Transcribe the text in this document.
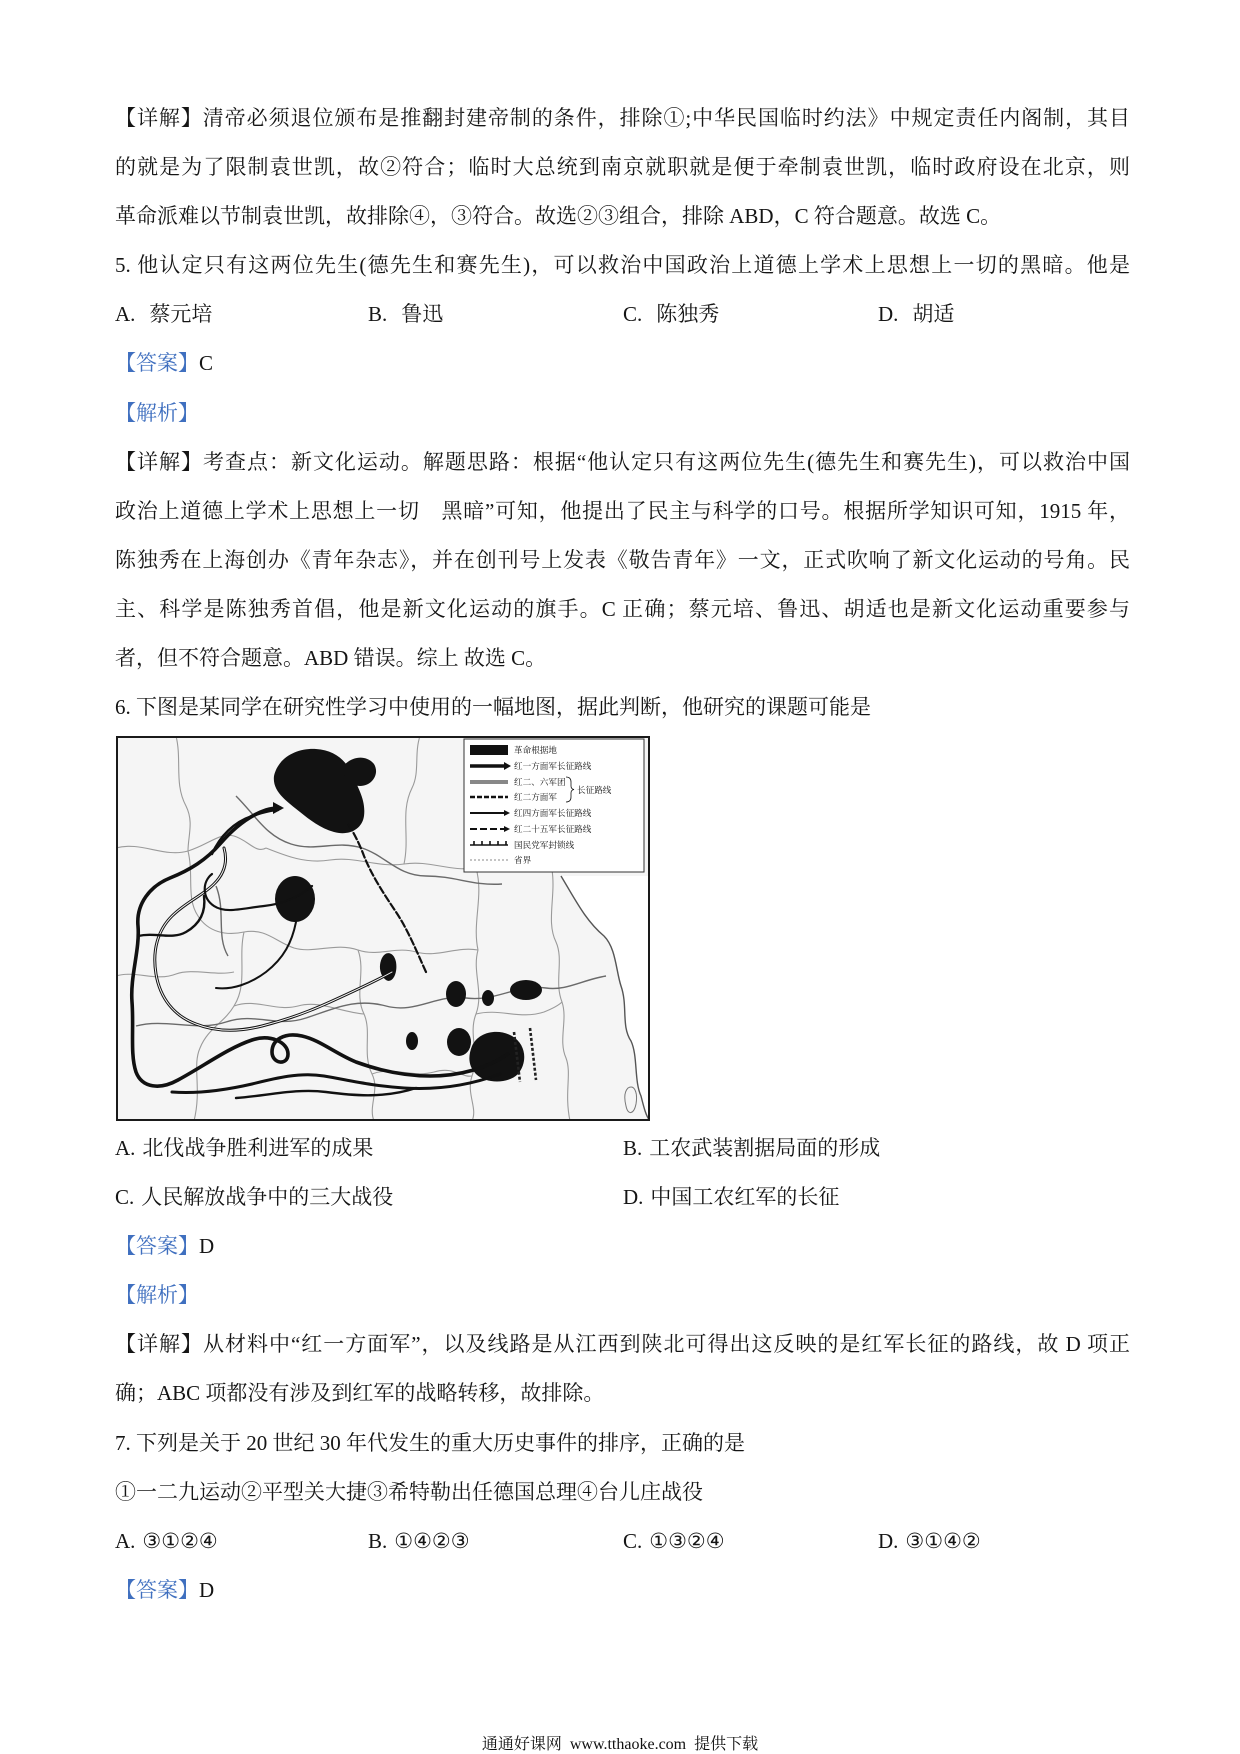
【详解】清帝必须退位颁布是推翻封建帝制的条件，排除①;中华民国临时约法》中规定责任内阁制，其目
的就是为了限制袁世凯，故②符合；临时大总统到南京就职就是便于牵制袁世凯，临时政府设在北京，则
革命派难以节制袁世凯，故排除④，③符合。故选②③组合，排除 ABD，C 符合题意。故选 C。
5. 他认定只有这两位先生(德先生和赛先生)，可以救治中国政治上道德上学术上思想上一切的黑暗。他是
A. 蔡元培	B. 鲁迅	C. 陈独秀	D. 胡适
【答案】C
【解析】
【详解】考查点：新文化运动。解题思路：根据“他认定只有这两位先生(德先生和赛先生)，可以救治中国
政治上道德上学术上思想上一切　黑暗”可知，他提出了民主与科学的口号。根据所学知识可知，1915 年，
陈独秀在上海创办《青年杂志》，并在创刊号上发表《敬告青年》一文，正式吹响了新文化运动的号角。民
主、科学是陈独秀首倡，他是新文化运动的旗手。C 正确；蔡元培、鲁迅、胡适也是新文化运动重要参与
者，但不符合题意。ABD 错误。综上 故选 C。
6. 下图是某同学在研究性学习中使用的一幅地图，据此判断，他研究的课题可能是
革命根据地
红一方面军长征路线
红二、六军团
红二方面军
长征路线
红四方面军长征路线
红二十五军长征路线
国民党军封锁线
省界
A. 北伐战争胜利进军的成果	B. 工农武装割据局面的形成
C. 人民解放战争中的三大战役	D. 中国工农红军的长征
【答案】D
【解析】
【详解】从材料中“红一方面军”，以及线路是从江西到陕北可得出这反映的是红军长征的路线，故 D 项正
确；ABC 项都没有涉及到红军的战略转移，故排除。
7. 下列是关于 20 世纪 30 年代发生的重大历史事件的排序，正确的是
①一二九运动②平型关大捷③希特勒出任德国总理④台儿庄战役
A. ③①②④	B. ①④②③	C. ①③②④	D. ③①④②
【答案】D
通通好课网  www.tthaoke.com  提供下载
